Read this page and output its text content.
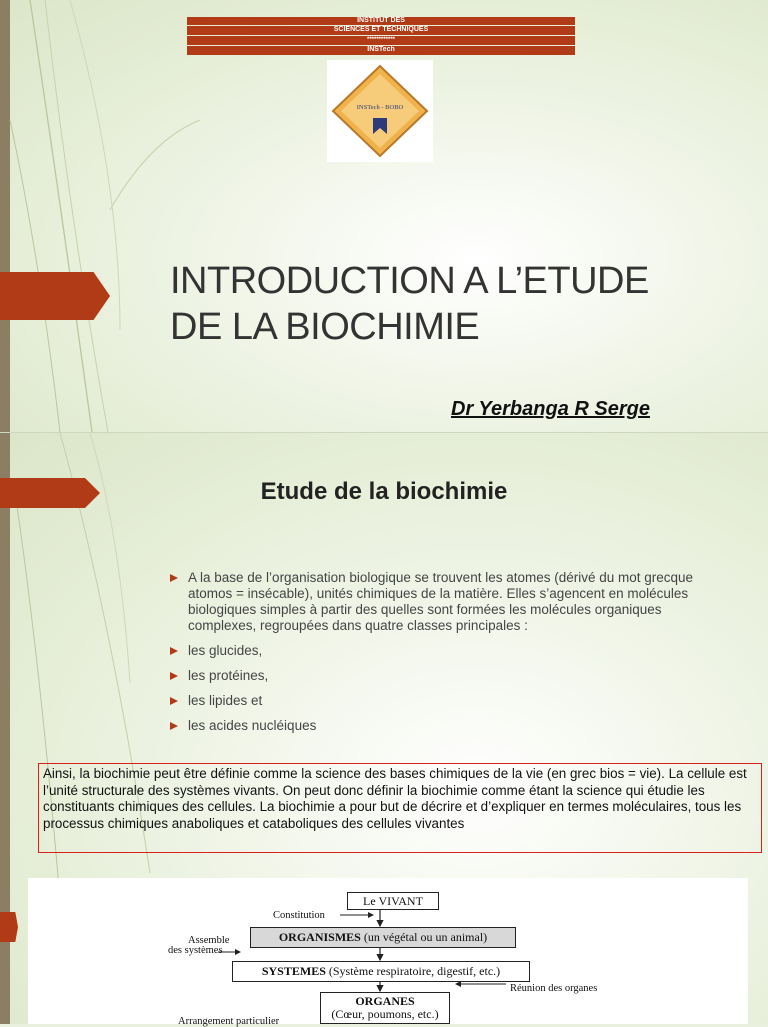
INSTITUT DES
SCIENCES ET TECHNIQUES
************
INSTech
INSTech - BOBO
INTRODUCTION A L’ETUDE
DE LA BIOCHIMIE
Dr Yerbanga R Serge
Etude de la biochimie
A la base de l’organisation biologique se trouvent les atomes (dérivé du mot grecque atomos = insécable), unités chimiques de la matière. Elles s’agencent en molécules biologiques simples à partir des quelles sont formées les molécules organiques complexes, regroupées dans quatre classes principales :
les glucides,
les protéines,
les lipides et
les acides nucléiques
Ainsi, la biochimie peut être définie comme la science des bases chimiques de la vie (en grec bios = vie). La cellule est l’unité structurale des systèmes vivants. On peut donc définir la biochimie comme étant la science qui étudie les constituants chimiques des cellules. La biochimie a pour but de décrire et d’expliquer en termes moléculaires, tous les processus chimiques anaboliques et cataboliques des cellules vivantes
Le VIVANT
Constitution
ORGANISMES (un végétal ou un animal)
Assemble
des systèmes
SYSTEMES (Système respiratoire, digestif, etc.)
Réunion des organes
ORGANES
(Cœur, poumons, etc.)
Arrangement particulier
